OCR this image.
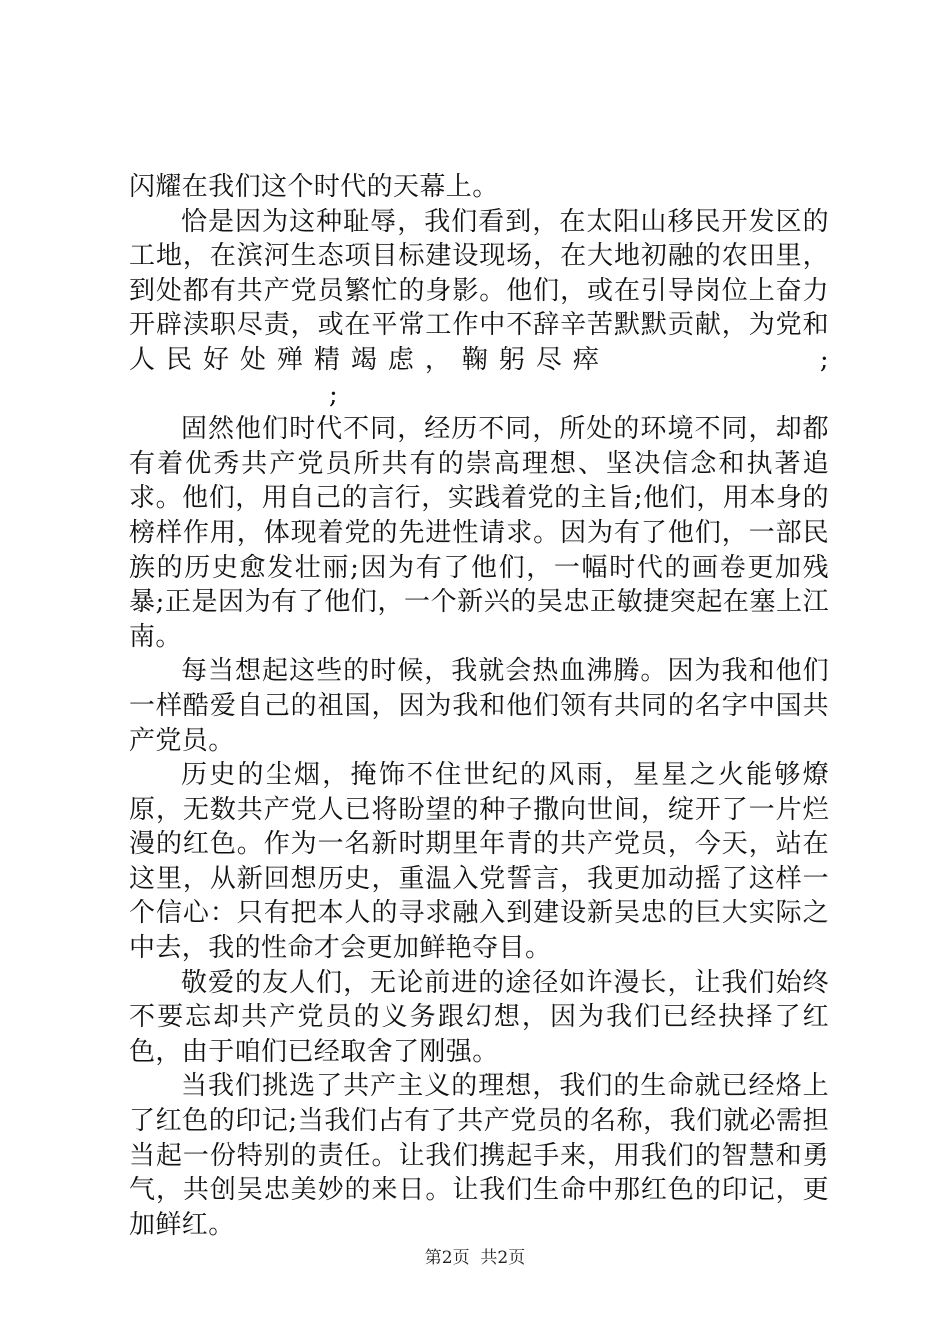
闪耀在我们这个时代的天幕上。

恰是因为这种耻辱，我们看到，在太阳山移民开发区的工地，在滨河生态项目标建设现场，在大地初融的农田里，到处都有共产党员繁忙的身影。他们，或在引导岗位上奋力开辟渎职尽责，或在平常工作中不辞辛苦默默贡献，为党和人民好处殚精竭虑，鞠躬尽瘁	;;

固然他们时代不同，经历不同，所处的环境不同，却都有着优秀共产党员所共有的崇高理想、坚决信念和执著追求。他们，用自己的言行，实践着党的主旨;他们，用本身的榜样作用，体现着党的先进性请求。因为有了他们，一部民族的历史愈发壮丽;因为有了他们，一幅时代的画卷更加残暴;正是因为有了他们，一个新兴的吴忠正敏捷突起在塞上江南。

每当想起这些的时候，我就会热血沸腾。因为我和他们一样酷爱自己的祖国，因为我和他们领有共同的名字中国共产党员。

历史的尘烟，掩饰不住世纪的风雨，星星之火能够燎原，无数共产党人已将盼望的种子撒向世间，绽开了一片烂漫的红色。作为一名新时期里年青的共产党员，今天，站在这里，从新回想历史，重温入党誓言，我更加动摇了这样一个信心：只有把本人的寻求融入到建设新吴忠的巨大实际之中去，我的性命才会更加鲜艳夺目。

敬爱的友人们，无论前进的途径如许漫长，让我们始终不要忘却共产党员的义务跟幻想，因为我们已经抉择了红色，由于咱们已经取舍了刚强。

当我们挑选了共产主义的理想，我们的生命就已经烙上了红色的印记;当我们占有了共产党员的名称，我们就必需担当起一份特别的责任。让我们携起手来，用我们的智慧和勇气，共创吴忠美妙的来日。让我们生命中那红色的印记，更加鲜红。

第2页 共2页
